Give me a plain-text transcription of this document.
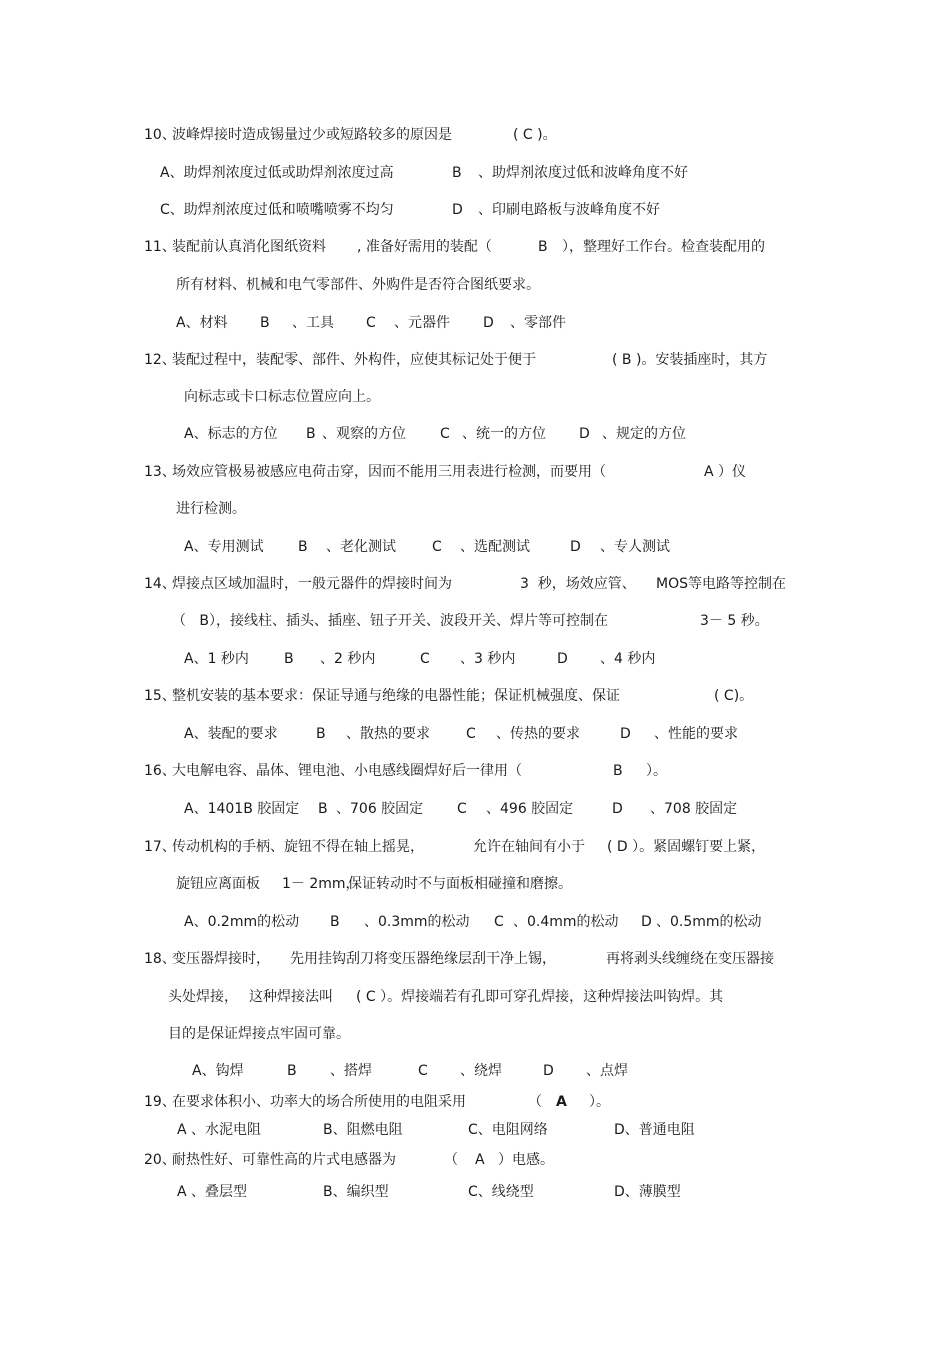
10、
波峰焊接时造成锡量过少或短路较多的原因是	( C )。
A、助焊剂浓度过低或助焊剂浓度过高	B 、助焊剂浓度过低和波峰角度不好
C、助焊剂浓度过低和喷嘴喷雾不均匀	D 、印刷电路板与波峰角度不好
11、
装配前认真消化图纸资料 , 准备好需用的装配（	B ），整理好工作台。检查装配用的
所有材料、机械和电气零部件、外购件是否符合图纸要求。
A、材料 B 、工具 C 、元器件 D 、零部件
12、
装配过程中，装配零、部件、外构件，应使其标记处于便于	( B )。安装插座时，其方
向标志或卡口标志位置应向上。
A、标志的方位 B 、观察的方位 C 、统一的方位 D 、规定的方位
13、
场效应管极易被感应电荷击穿，因而不能用三用表进行检测，而要用（	A ）仪
进行检测。
A、专用测试 B 、老化测试	C 、选配测试	D 、专人测试
14、
焊接点区域加温时，一般元器件的焊接时间为	3  秒，场效应管、 MOS等电路等控制在
（   B），接线柱、插头、插座、钮子开关、波段开关、焊片等可控制在	3－ 5 秒。
A、1 秒内	B 、2 秒内	C 、3 秒内	D 、4 秒内
15、
整机安装的基本要求：保证导通与绝缘的电器性能；保证机械强度、保证	( C)。
A、装配的要求	B 、散热的要求	C 、传热的要求	D 、性能的要求
16、
大电解电容、晶体、锂电池、小电感线圈焊好后一律用（	B ）。
A、1401B 胶固定 B 、706 胶固定 C 、496 胶固定	D 、708 胶固定
17、
传动机构的手柄、旋钮不得在轴上摇晃，	允许在轴间有小于 ( D ）。紧固螺钉要上紧，
旋钮应离面板 1－ 2mm，
保证转动时不与面板相碰撞和磨擦。
A、0.2mm的松动 B 、0.3mm的松动 C 、0.4mm的松动 D 、0.5mm的松动
18、
变压器焊接时， 先用挂钩刮刀将变压器绝缘层刮干净上锡，	再将剥头线缠绕在变压器接
头处焊接， 这种焊接法叫 ( C ）。焊接端若有孔即可穿孔焊接，这种焊接法叫钩焊。其
目的是保证焊接点牢固可靠。
A、钩焊	B 、搭焊	C 、绕焊	D 、点焊
19、
在要求体积小、功率大的场合所使用的电阻采用	（ A ）。
A 、水泥电阻	B、阻燃电阻	C、电阻网络	D、普通电阻
20、
耐热性好、可靠性高的片式电感器为	（ A ）电感。
A 、叠层型	B、编织型	C、线绕型	D、薄膜型
